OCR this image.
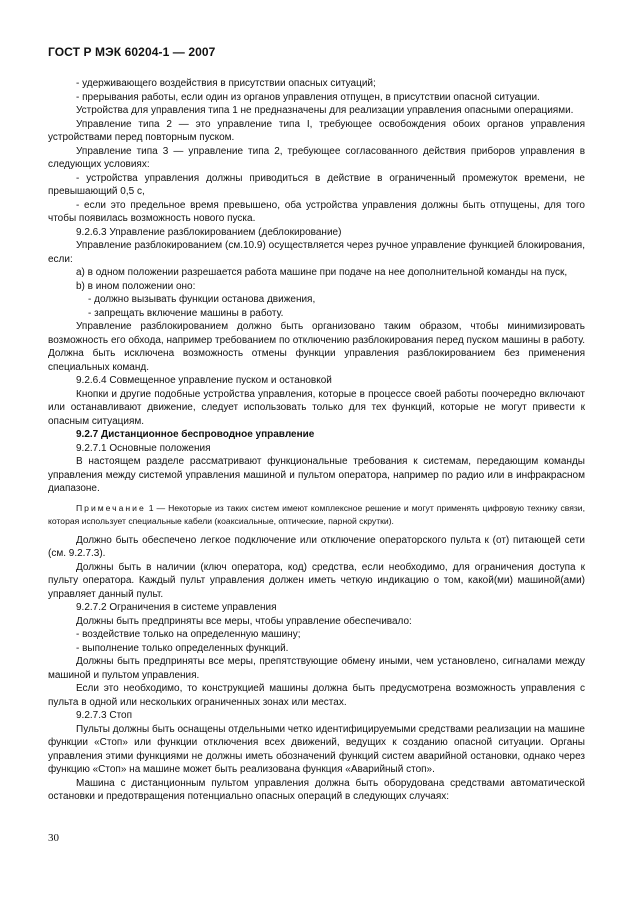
ГОСТ Р МЭК 60204-1 — 2007

- удерживающего воздействия в присутствии опасных ситуаций;

- прерывания работы, если один из органов управления отпущен, в присутствии опасной ситуации.

Устройства для управления типа 1 не предназначены для реализации управления опасными операциями.

Управление типа 2 — это управление типа I, требующее освобождения обоих органов управления устройствами перед повторным пуском.

Управление типа 3 — управление типа 2, требующее согласованного действия приборов управления в следующих условиях:

- устройства управления должны приводиться в действие в ограниченный промежуток времени, не превышающий 0,5 с,

- если это предельное время превышено, оба устройства управления должны быть отпущены, для того чтобы появилась возможность нового пуска.

9.2.6.3 Управление разблокированием (деблокирование)

Управление разблокированием (см.10.9) осуществляется через ручное управление функцией блокирования, если:

а) в одном положении разрешается работа машине при подаче на нее дополнительной команды на пуск,

b) в ином положении оно:

- должно вызывать функции останова движения,

- запрещать включение машины в работу.

Управление разблокированием должно быть организовано таким образом, чтобы минимизировать возможность его обхода, например требованием по отключению разблокирования перед пуском машины в работу. Должна быть исключена возможность отмены функции управления разблокированием без применения специальных команд.

9.2.6.4 Совмещенное управление пуском и остановкой

Кнопки и другие подобные устройства управления, которые в процессе своей работы поочередно включают или останавливают движение, следует использовать только для тех функций, которые не могут привести к опасным ситуациям.

9.2.7 Дистанционное беспроводное управление

9.2.7.1 Основные положения

В настоящем разделе рассматривают функциональные требования к системам, передающим команды управления между системой управления машиной и пультом оператора, например по радио или в инфракрасном диапазоне.

Примечание 1 — Некоторые из таких систем имеют комплексное решение и могут применять цифровую технику связи, которая использует специальные кабели (коаксиальные, оптические, парной скрутки).

Должно быть обеспечено легкое подключение или отключение операторского пульта к (от) питающей сети (см. 9.2.7.3).

Должны быть в наличии (ключ оператора, код) средства, если необходимо, для ограничения доступа к пульту оператора. Каждый пульт управления должен иметь четкую индикацию о том, какой(ми) машиной(ами) управляет данный пульт.

9.2.7.2 Ограничения в системе управления

Должны быть предприняты все меры, чтобы управление обеспечивало:

- воздействие только на определенную машину;

- выполнение только определенных функций.

Должны быть предприняты все меры, препятствующие обмену иными, чем установлено, сигналами между машиной и пультом управления.

Если это необходимо, то конструкцией машины должна быть предусмотрена возможность управления с пульта в одной или нескольких ограниченных зонах или местах.

9.2.7.3 Стоп

Пульты должны быть оснащены отдельными четко идентифицируемыми средствами реализации на машине функции «Стоп» или функции отключения всех движений, ведущих к созданию опасной ситуации. Органы управления этими функциями не должны иметь обозначений функций систем аварийной остановки, однако через функцию «Стоп» на машине может быть реализована функция «Аварийный стоп».

Машина с дистанционным пультом управления должна быть оборудована средствами автоматической остановки и предотвращения потенциально опасных операций в следующих случаях:

30
